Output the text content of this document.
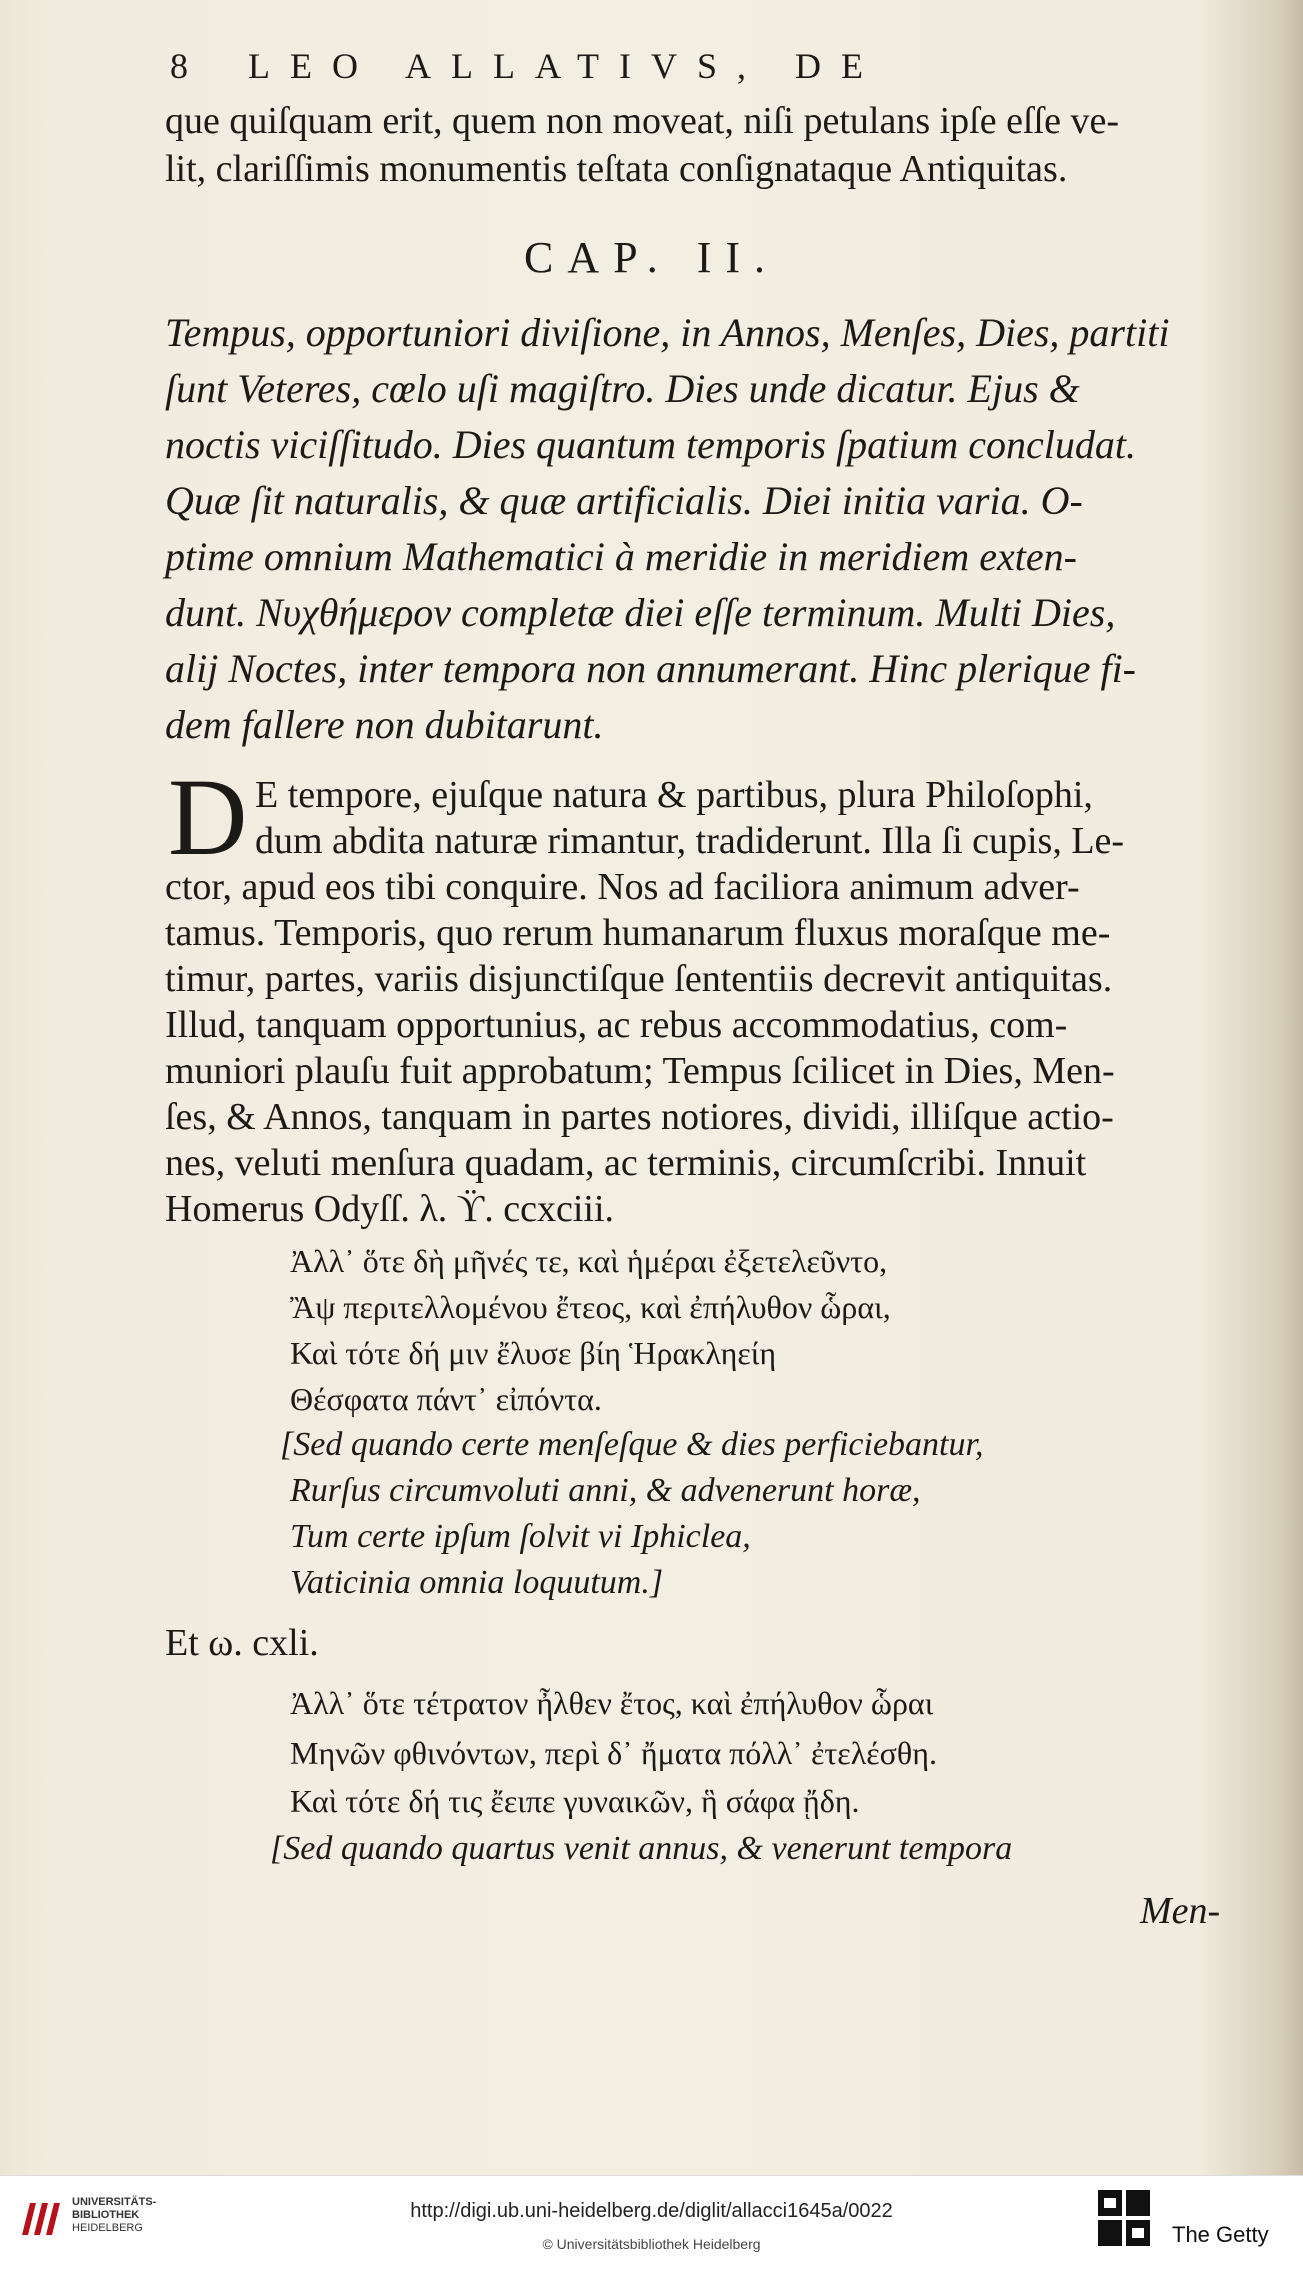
8 LEO ALLATIVS, DE
que quiſquam erit, quem non moveat, niſi petulans ipſe eſſe ve-
lit, clariſſimis monumentis teſtata conſignataque Antiquitas.
CAP. II.
Tempus, opportuniori diviſione, in Annos, Menſes, Dies, partiti
ſunt Veteres, cœlo uſi magiſtro. Dies unde dicatur. Ejus &
noctis viciſſitudo. Dies quantum temporis ſpatium concludat.
Quæ ſit naturalis, & quæ artificialis. Diei initia varia. O-
ptime omnium Mathematici à meridie in meridiem exten-
dunt. Νυχθήμερον completæ diei eſſe terminum. Multi Dies,
alij Noctes, inter tempora non annumerant. Hinc plerique fi-
dem fallere non dubitarunt.
D E tempore, ejuſque natura & partibus, plura Philoſophi,
dum abdita naturæ rimantur, tradiderunt. Illa ſi cupis, Le-
ctor, apud eos tibi conquire. Nos ad faciliora animum adver-
tamus. Temporis, quo rerum humanarum fluxus moraſque me-
timur, partes, variis disjunctiſque ſententiis decrevit antiquitas.
Illud, tanquam opportunius, ac rebus accommodatius, com-
muniori plauſu fuit approbatum; Tempus ſcilicet in Dies, Men-
ſes, & Annos, tanquam in partes notiores, dividi, illiſque actio-
nes, veluti menſura quadam, ac terminis, circumſcribi. Innuit
Homerus Odyſſ. λ. ϔ. ccxciii.
Ἀλλ᾽ ὅτε δὴ μῆνές τε, καὶ ἡμέραι ἐξετελεῦντο,
Ἂψ περιτελλομένου ἔτεος, καὶ ἐπήλυθον ὧραι,
Καὶ τότε δή μιν ἔλυσε βίη Ἡρακληείη
Θέσφατα πάντ᾽ εἰπόντα.
[Sed quando certe menſeſque & dies perficiebantur,
Rurſus circumvoluti anni, & advenerunt horæ,
Tum certe ipſum ſolvit vi Iphiclea,
Vaticinia omnia loquutum.]
Et ω. cxli.
Ἀλλ᾽ ὅτε τέτρατον ἦλθεν ἔτος, καὶ ἐπήλυθον ὧραι
Μηνῶν φθινόντων, περὶ δ᾽ ἤματα πόλλ᾽ ἐτελέσθη.
Καὶ τότε δή τις ἔειπε γυναικῶν, ἣ σάφα ᾔδη.
[Sed quando quartus venit annus, & venerunt tempora
Men-
UNIVERSITÄTS-
BIBLIOTHEK
HEIDELBERG
http://digi.ub.uni-heidelberg.de/diglit/allacci1645a/0022
© Universitätsbibliothek Heidelberg	The Getty
